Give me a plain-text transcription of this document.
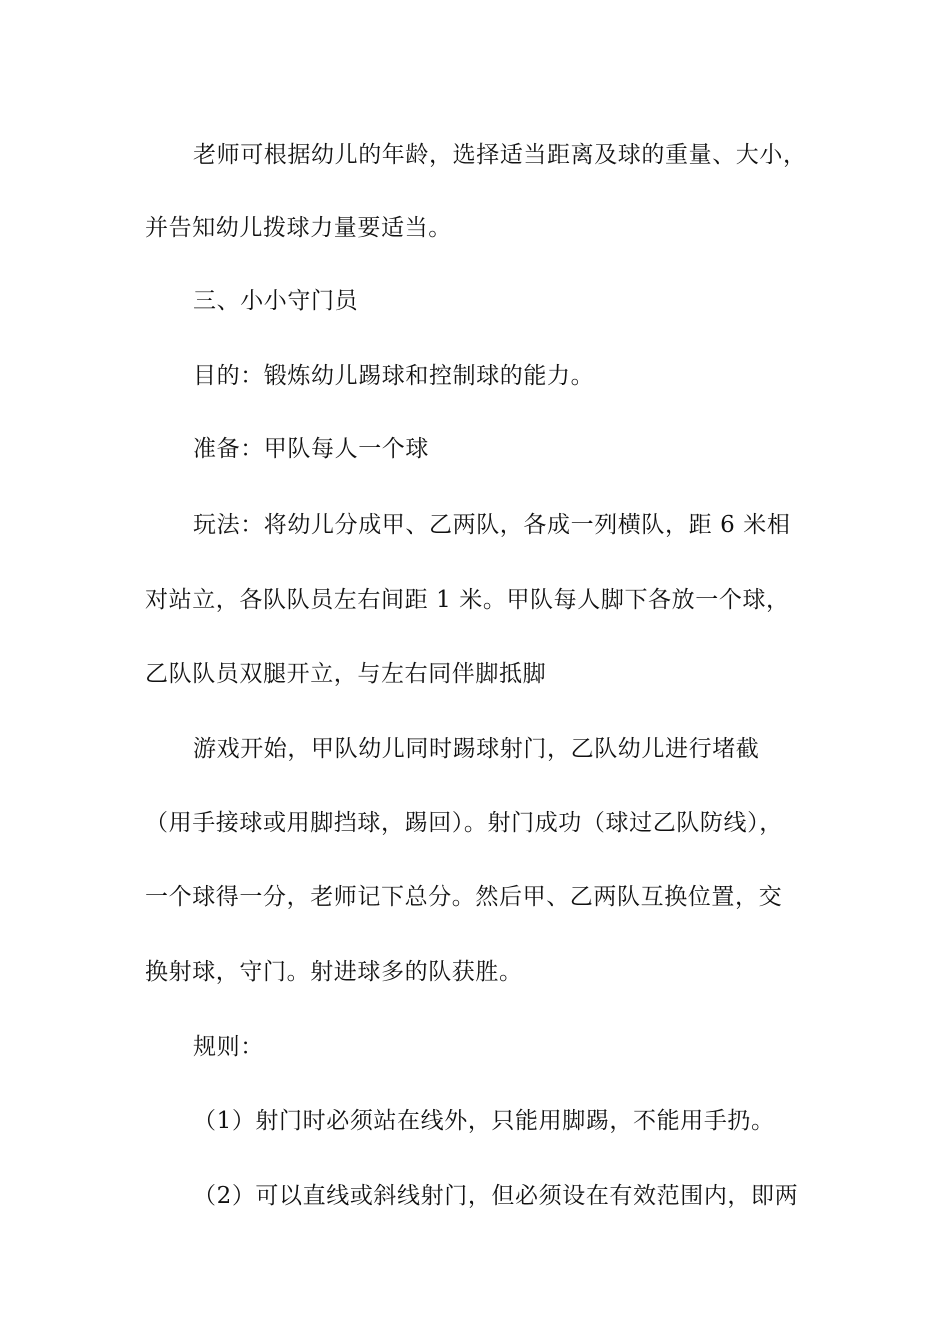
老师可根据幼儿的年龄，选择适当距离及球的重量、大小，
并告知幼儿拨球力量要适当。
三、小小守门员
目的：锻炼幼儿踢球和控制球的能力。
准备：甲队每人一个球
玩法：将幼儿分成甲、乙两队，各成一列横队，距 6 米相
对站立，各队队员左右间距 1 米。甲队每人脚下各放一个球，
乙队队员双腿开立，与左右同伴脚抵脚
游戏开始，甲队幼儿同时踢球射门，乙队幼儿进行堵截
（用手接球或用脚挡球，踢回）。射门成功（球过乙队防线），
一个球得一分，老师记下总分。然后甲、乙两队互换位置，交
换射球，守门。射进球多的队获胜。
规则：
（1）射门时必须站在线外，只能用脚踢，不能用手扔。
（2）可以直线或斜线射门，但必须设在有效范围内，即两
